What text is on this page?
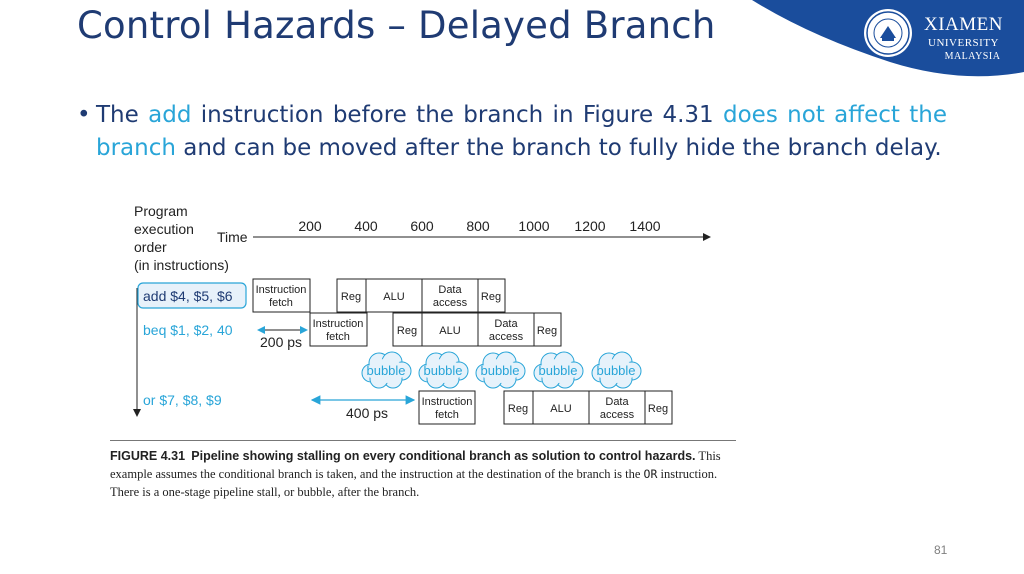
XIAMEN
UNIVERSITY
MALAYSIA
Control Hazards – Delayed Branch
• The add instruction before the branch in Figure 4.31 does not affect the branch and can be moved after the branch to fully hide the branch delay.
Program
execution
order
(in instructions)
Time
200 400 600 800 1000 1200 1400
add $4, $5, $6
beq $1, $2, 40
or $7, $8, $9
Instruction
fetch	Reg ALU
Data
access Reg
Instruction
fetch	Reg ALU
Data
access Reg
200 ps
bubble bubble bubble bubble bubble
Instruction
fetch	Reg ALU
Data
access Reg
400 ps
FIGURE 4.31 Pipeline showing stalling on every conditional branch as solution to control hazards. This example assumes the conditional branch is taken, and the instruction at the destination of the branch is the OR instruction. There is a one-stage pipeline stall, or bubble, after the branch.
81
